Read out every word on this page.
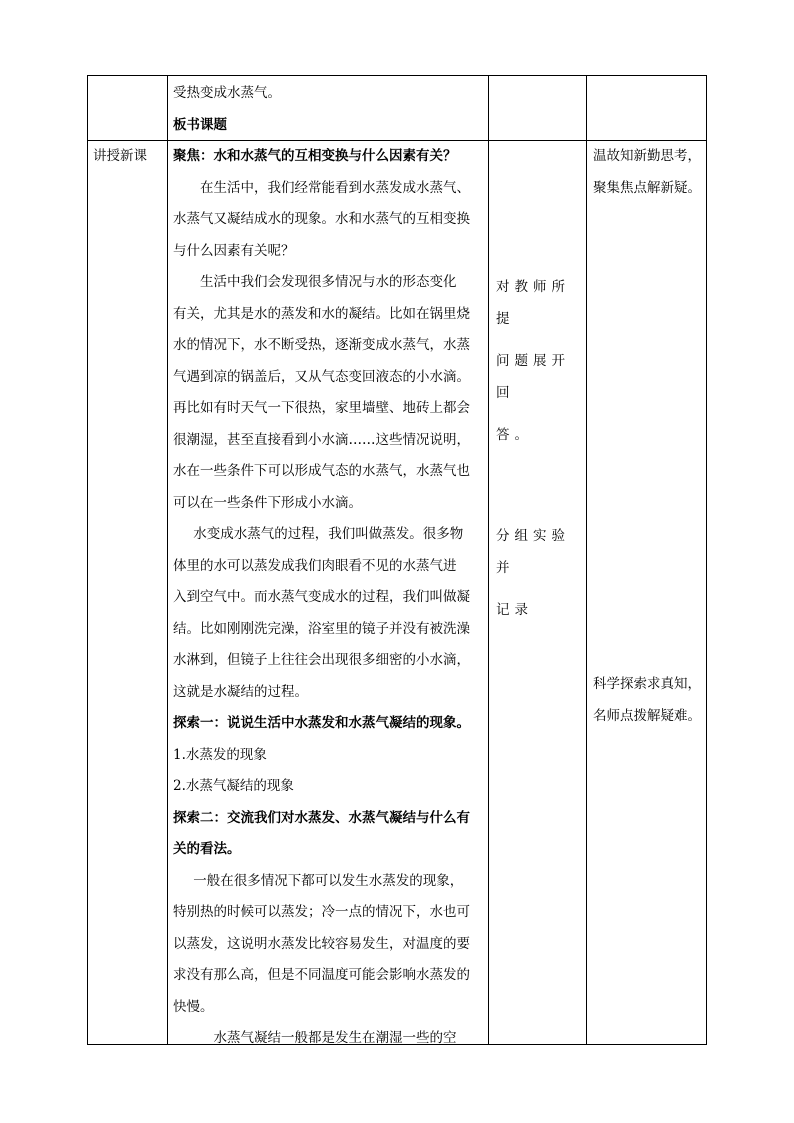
受热变成水蒸气。

板书课题

讲授新课	聚焦：水和水蒸气的互相变换与什么因素有关？

在生活中，我们经常能看到水蒸发成水蒸气、

水蒸气又凝结成水的现象。水和水蒸气的互相变换

与什么因素有关呢？

生活中我们会发现很多情况与水的形态变化

有关，尤其是水的蒸发和水的凝结。比如在锅里烧

水的情况下，水不断受热，逐渐变成水蒸气，水蒸

气遇到凉的锅盖后，又从气态变回液态的小水滴。

再比如有时天气一下很热，家里墙壁、地砖上都会

很潮湿，甚至直接看到小水滴……这些情况说明，

水在一些条件下可以形成气态的水蒸气，水蒸气也

可以在一些条件下形成小水滴。

水变成水蒸气的过程，我们叫做蒸发。很多物

体里的水可以蒸发成我们肉眼看不见的水蒸气进

入到空气中。而水蒸气变成水的过程，我们叫做凝

结。比如刚刚洗完澡，浴室里的镜子并没有被洗澡

水淋到，但镜子上往往会出现很多细密的小水滴，

这就是水凝结的过程。

探索一：说说生活中水蒸发和水蒸气凝结的现象。

1.水蒸发的现象

2.水蒸气凝结的现象

探索二：交流我们对水蒸发、水蒸气凝结与什么有

关的看法。

一般在很多情况下都可以发生水蒸发的现象，

特别热的时候可以蒸发；冷一点的情况下，水也可

以蒸发，这说明水蒸发比较容易发生，对温度的要

求没有那么高，但是不同温度可能会影响水蒸发的

快慢。

水蒸气凝结一般都是发生在潮湿一些的空

对教师所提

问题展开回

答。

分组实验并

记录

温故知新勤思考，

聚集焦点解新疑。

科学探索求真知，

名师点拨解疑难。
